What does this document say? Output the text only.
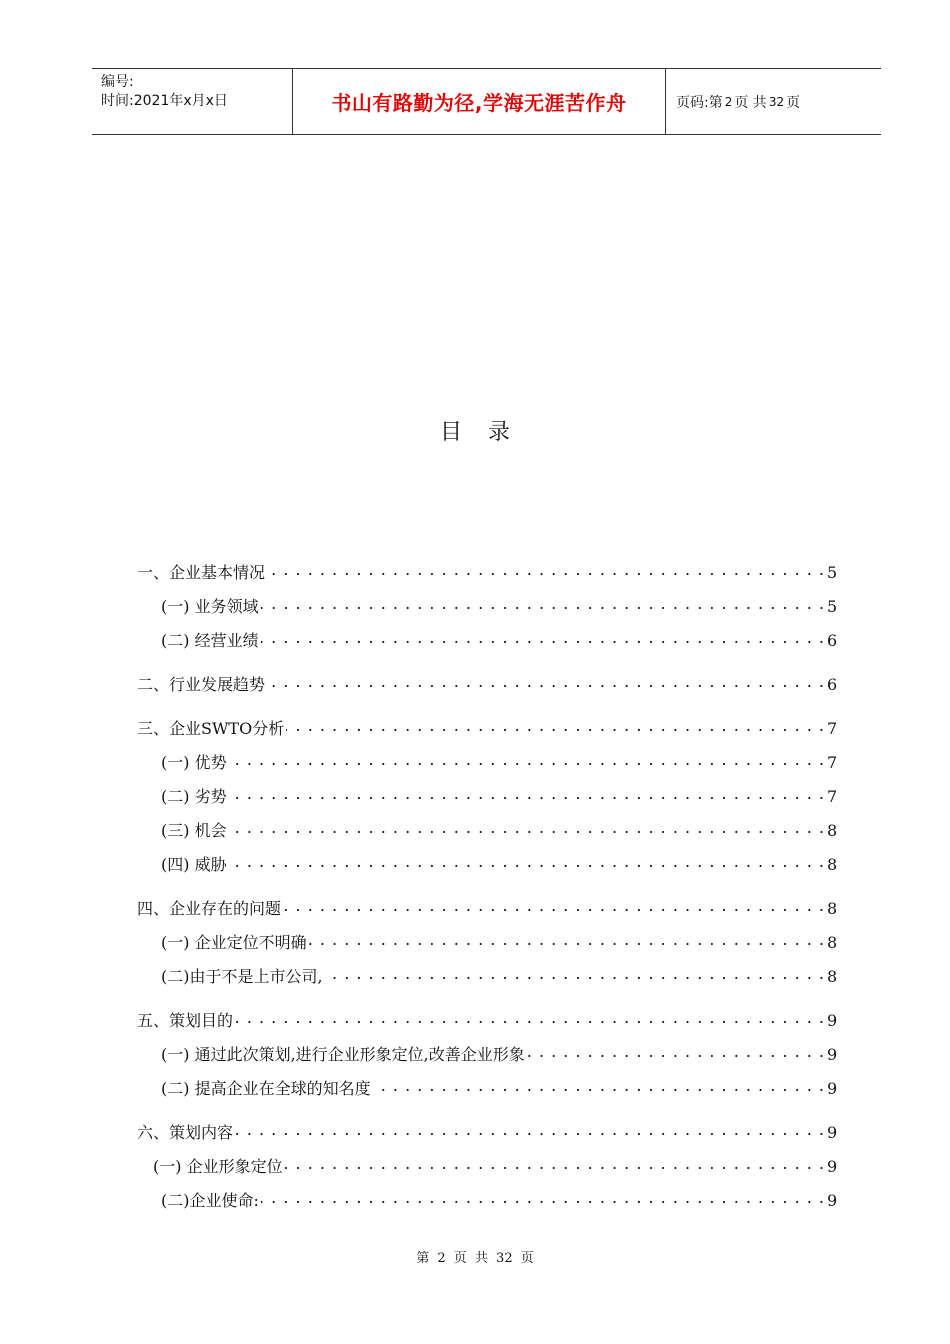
编号:
时间:2021年x月x日	书山有路勤为径,学海无涯苦作舟	页码:第 2 页 共 32 页
目录
一、企业基本情况 . . .	5
(一) 业务领域 . . .	5
(二) 经营业绩 . . .	6
二、行业发展趋势 . . .	6
三、企业SWTO分析 . . .	7
(一) 优势 . . .	7
(二) 劣势 . . .	7
(三) 机会 . . .	8
(四) 威胁 . . .	8
四、企业存在的问题 . . .	8
(一) 企业定位不明确 . . .	8
(二)由于不是上市公司, . . .	8
五、策划目的 . . .	9
(一) 通过此次策划,进行企业形象定位,改善企业形象 . . .	9
(二) 提高企业在全球的知名度 . . .	9
六、策划内容 . . .	9
(一) 企业形象定位 . . .	9
(二)企业使命: . . .	9
第 2 页 共 32 页
